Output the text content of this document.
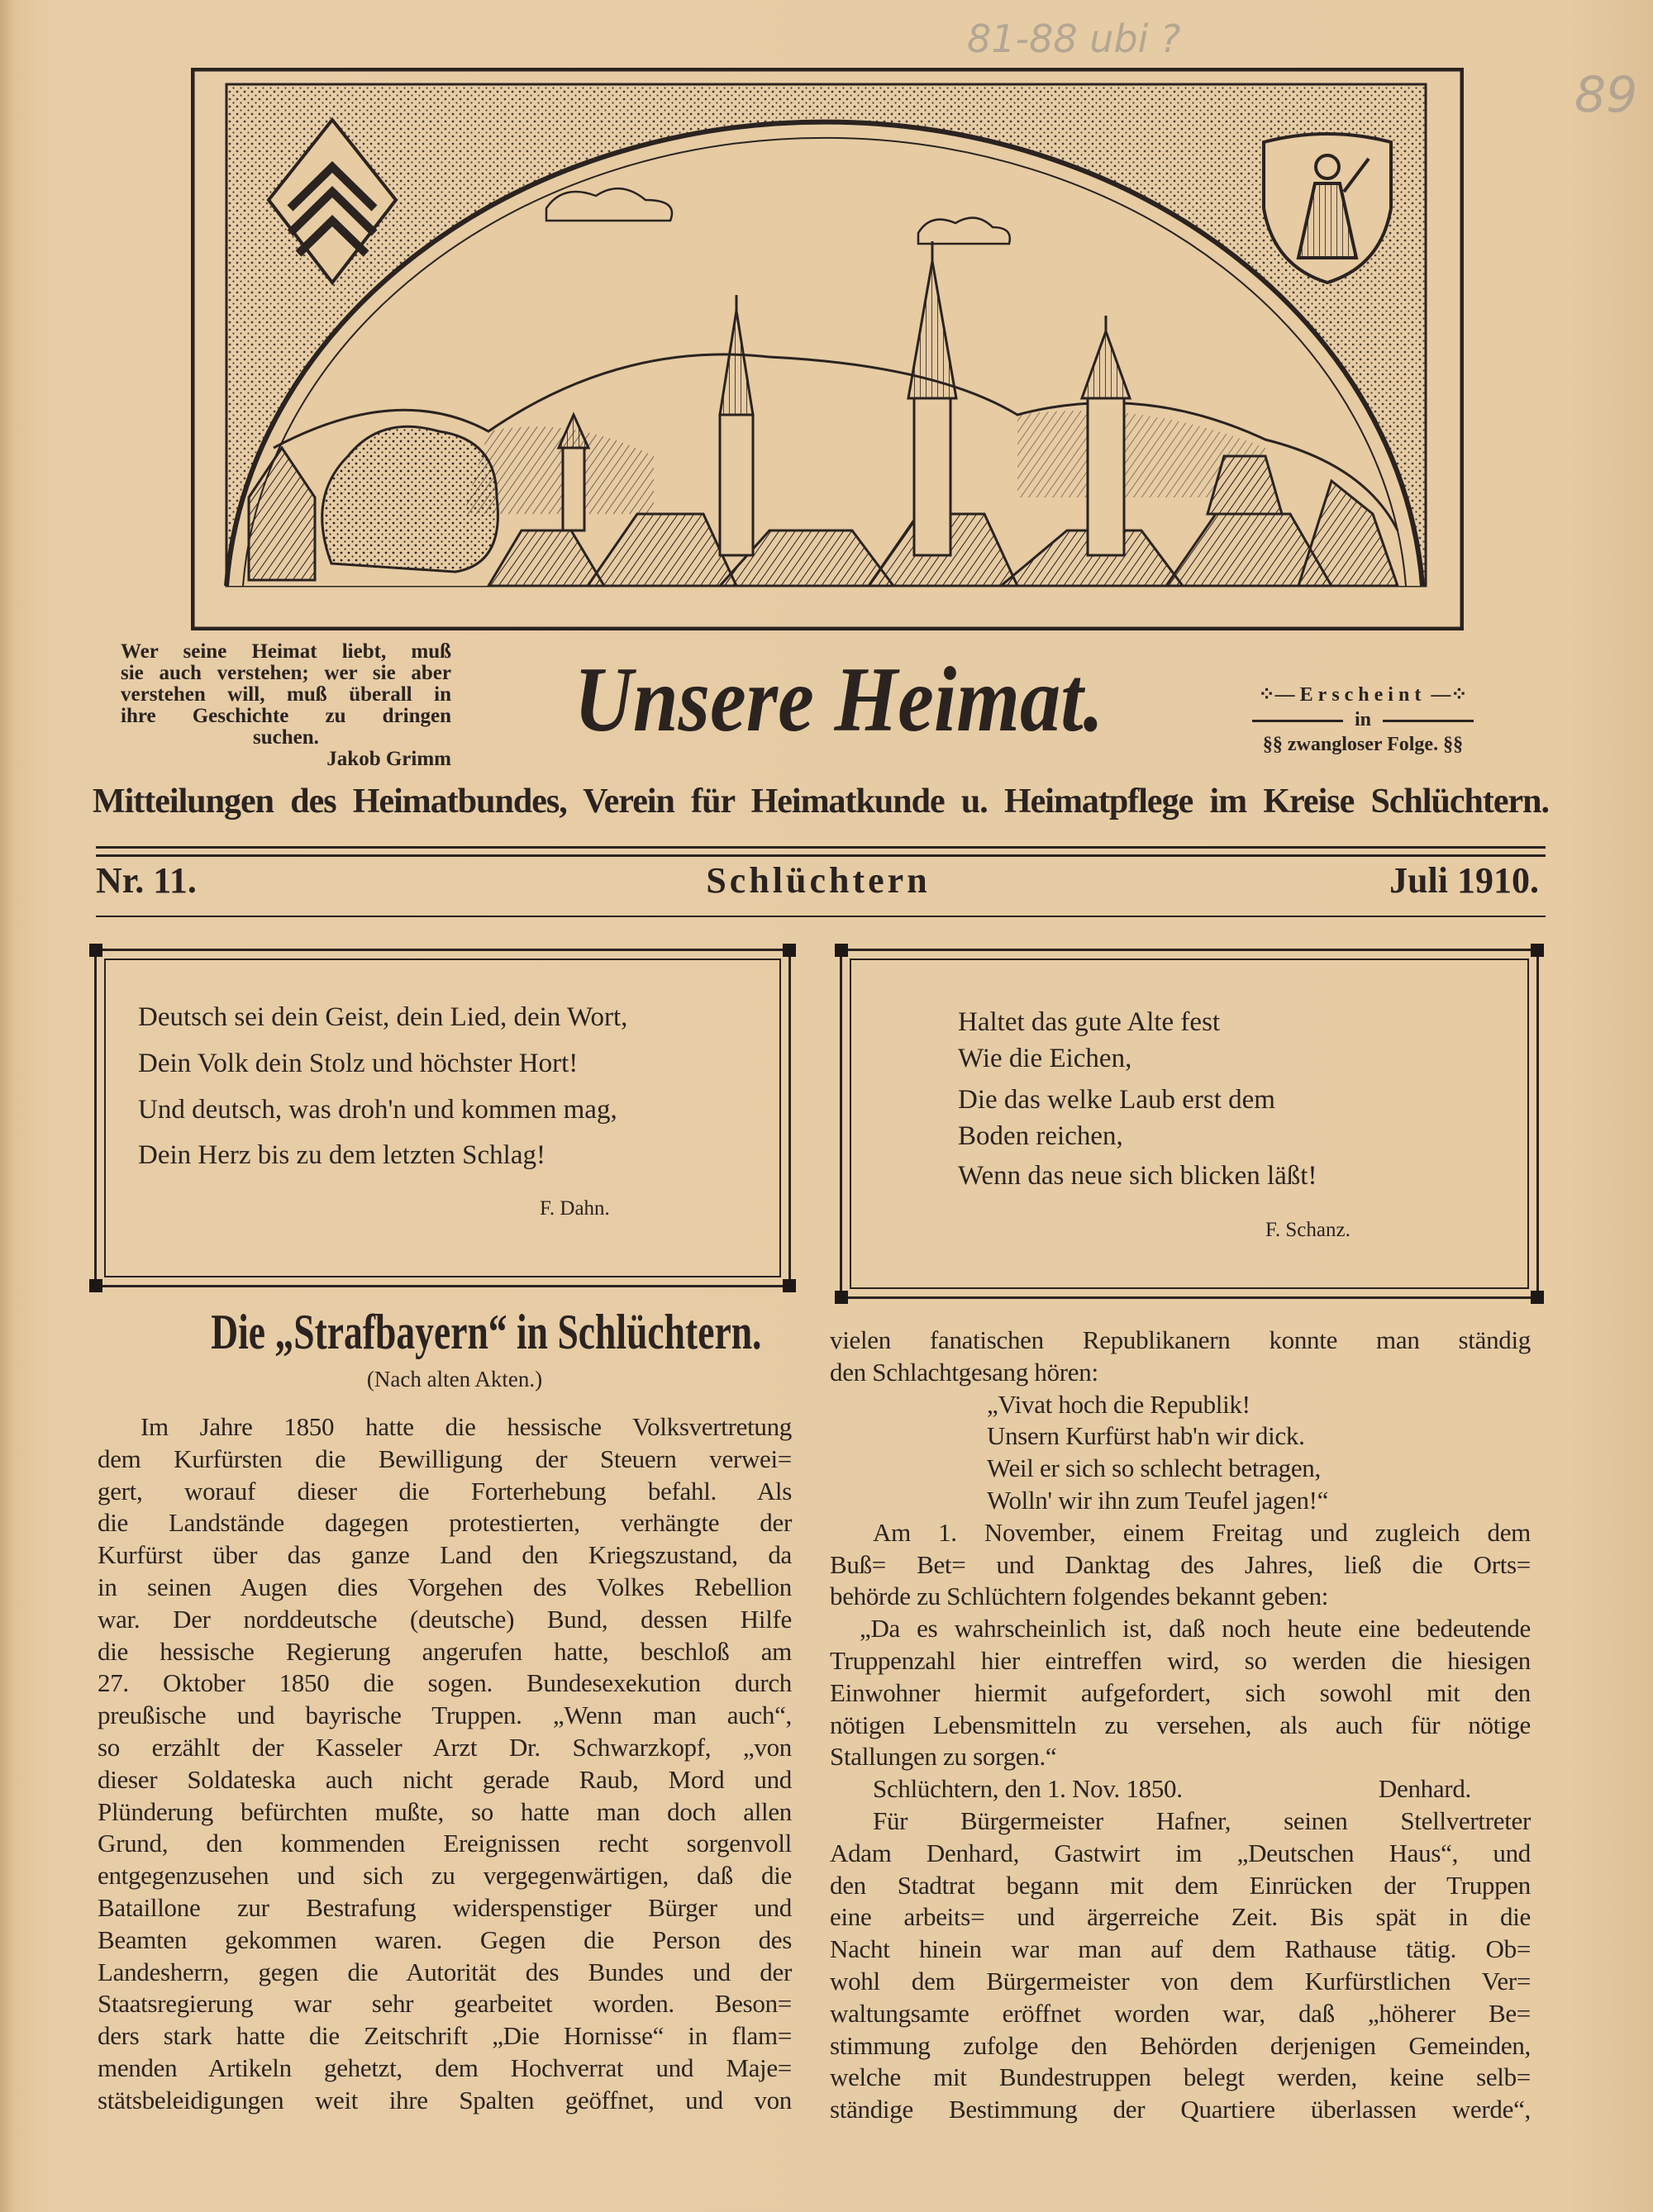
81-88 ubi ?
89
Wer seine Heimat liebt, muß
sie auch verstehen; wer sie aber
verstehen will, muß überall in
ihre Geschichte zu dringen
suchen.
Jakob Grimm
Unsere Heimat.	⁘— Erscheint —⁘
in
§§ zwangloser Folge. §§
Mitteilungen des Heimatbundes, Verein für Heimatkunde u. Heimatpflege im Kreise Schlüchtern.
Nr. 11.	Schlüchtern	Juli 1910.
Deutsch sei dein Geist, dein Lied, dein Wort,
Dein Volk dein Stolz und höchster Hort!
Und deutsch, was droh'n und kommen mag,
Dein Herz bis zu dem letzten Schlag!
F. Dahn.
Haltet das gute Alte fest
Wie die Eichen,
Die das welke Laub erst dem
Boden reichen,
Wenn das neue sich blicken läßt!
F. Schanz.
Die „Strafbayern“ in Schlüchtern.
(Nach alten Akten.)
Im Jahre 1850 hatte die hessische Volksvertretung
dem Kurfürsten die Bewilligung der Steuern verwei=
gert, worauf dieser die Forterhebung befahl. Als
die Landstände dagegen protestierten, verhängte der
Kurfürst über das ganze Land den Kriegszustand, da
in seinen Augen dies Vorgehen des Volkes Rebellion
war. Der norddeutsche (deutsche) Bund, dessen Hilfe
die hessische Regierung angerufen hatte, beschloß am
27. Oktober 1850 die sogen. Bundesexekution durch
preußische und bayrische Truppen. „Wenn man auch“,
so erzählt der Kasseler Arzt Dr. Schwarzkopf, „von
dieser Soldateska auch nicht gerade Raub, Mord und
Plünderung befürchten mußte, so hatte man doch allen
Grund, den kommenden Ereignissen recht sorgenvoll
entgegenzusehen und sich zu vergegenwärtigen, daß die
Bataillone zur Bestrafung widerspenstiger Bürger und
Beamten gekommen waren. Gegen die Person des
Landesherrn, gegen die Autorität des Bundes und der
Staatsregierung war sehr gearbeitet worden. Beson=
ders stark hatte die Zeitschrift „Die Hornisse“ in flam=
menden Artikeln gehetzt, dem Hochverrat und Maje=
stätsbeleidigungen weit ihre Spalten geöffnet, und von
vielen fanatischen Republikanern konnte man ständig
den Schlachtgesang hören:
„Vivat hoch die Republik!
Unsern Kurfürst hab'n wir dick.
Weil er sich so schlecht betragen,
Wolln' wir ihn zum Teufel jagen!“
Am 1. November, einem Freitag und zugleich dem
Buß= Bet= und Danktag des Jahres, ließ die Orts=
behörde zu Schlüchtern folgendes bekannt geben:
„Da es wahrscheinlich ist, daß noch heute eine bedeutende
Truppenzahl hier eintreffen wird, so werden die hiesigen
Einwohner hiermit aufgefordert, sich sowohl mit den
nötigen Lebensmitteln zu versehen, als auch für nötige
Stallungen zu sorgen.“
Schlüchtern, den 1. Nov. 1850.	Denhard.
Für Bürgermeister Hafner, seinen Stellvertreter
Adam Denhard, Gastwirt im „Deutschen Haus“, und
den Stadtrat begann mit dem Einrücken der Truppen
eine arbeits= und ärgerreiche Zeit. Bis spät in die
Nacht hinein war man auf dem Rathause tätig. Ob=
wohl dem Bürgermeister von dem Kurfürstlichen Ver=
waltungsamte eröffnet worden war, daß „höherer Be=
stimmung zufolge den Behörden derjenigen Gemeinden,
welche mit Bundestruppen belegt werden, keine selb=
ständige Bestimmung der Quartiere überlassen werde“,
